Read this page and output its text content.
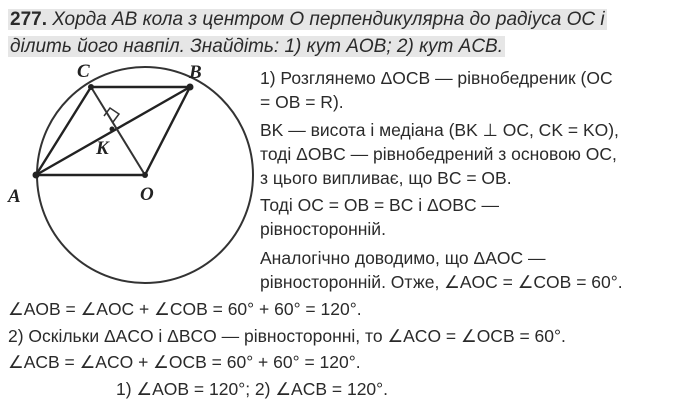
277. Хорда AB кола з центром O перпендикулярна до радіуса OC і
ділить його навпіл. Знайдіть: 1) кут AOB; 2) кут ACB.
A
B
C
O
K
1) Розглянемо ΔOCB — рівнобедреник (OC
= OB = R).
BK — висота і медіана (BK ⊥ OC, CK = KO),
тоді ΔOBC — рівнобедрений з основою OC,
з цього випливає, що BC = OB.
Тоді OC = OB = BC і ΔOBC —
рівносторонній.
Аналогічно доводимо, що ΔAOC —
рівносторонній. Отже, ∠AOC = ∠COB = 60°.
∠AOB = ∠AOC + ∠COB = 60° + 60° = 120°.
2) Оскільки ΔACO і ΔBCO — рівносторонні, то ∠ACO = ∠OCB = 60°.
∠ACB = ∠ACO + ∠OCB = 60° + 60° = 120°.
1) ∠AOB = 120°; 2) ∠ACB = 120°.
